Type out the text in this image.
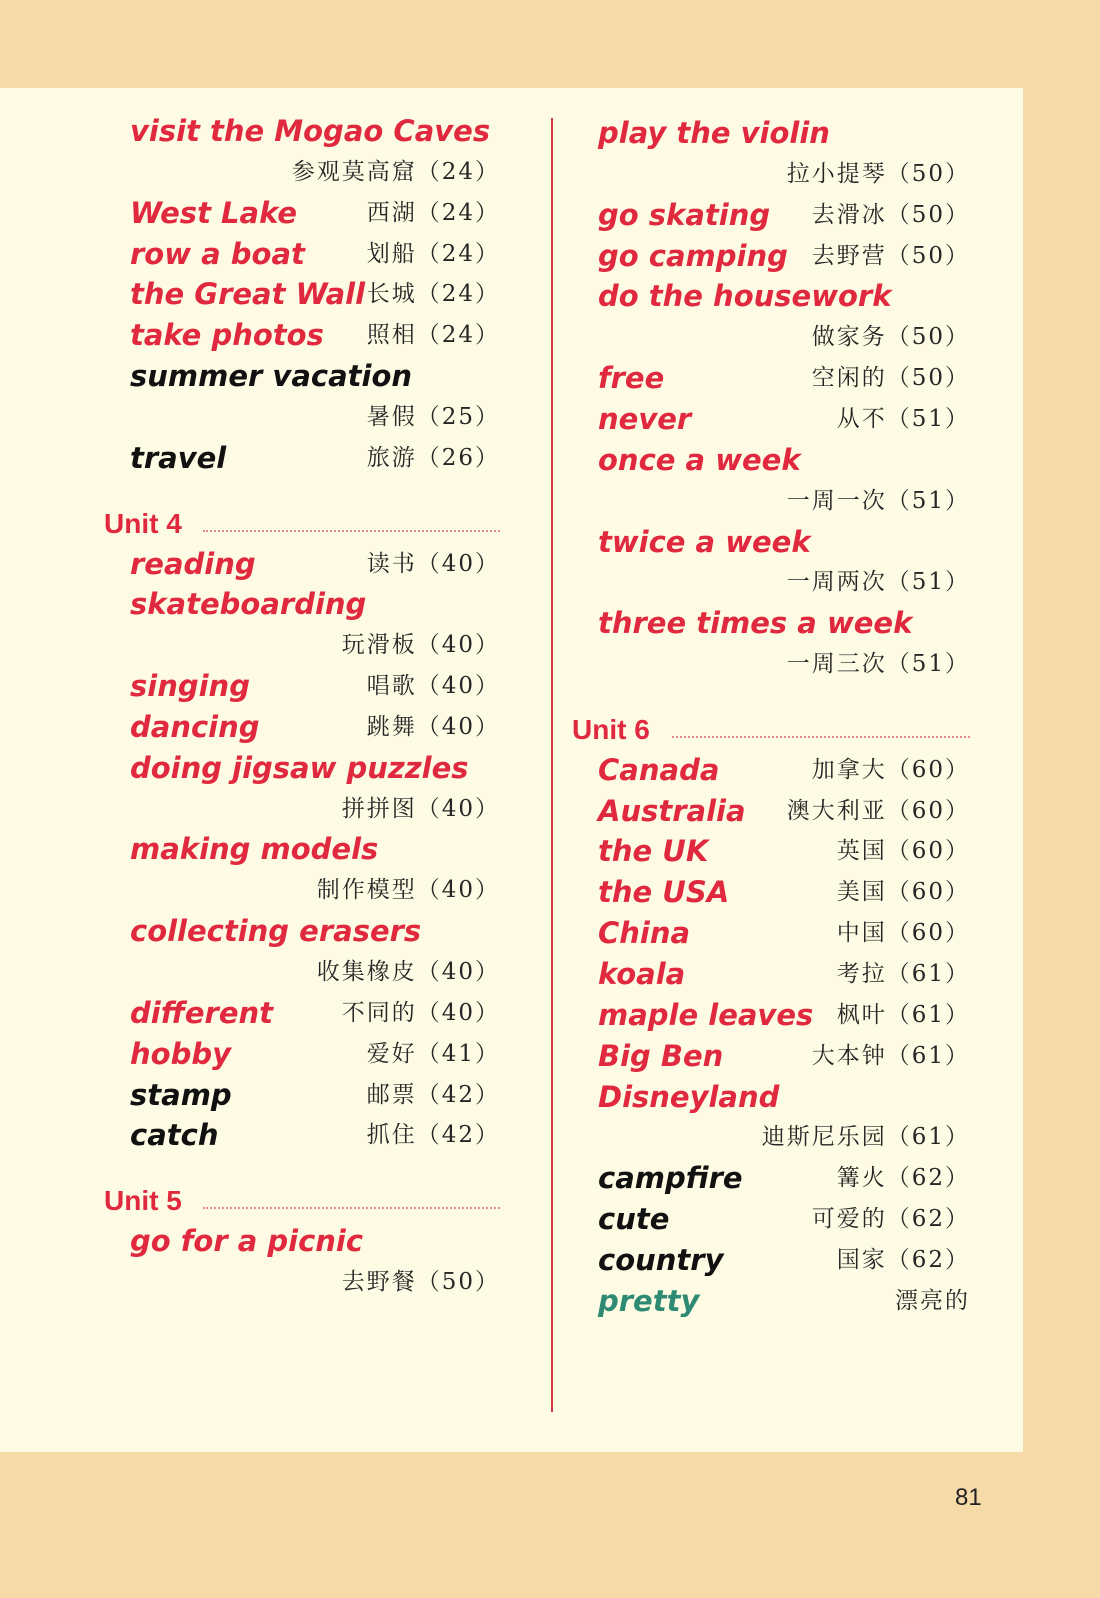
visit the Mogao Caves
参观莫高窟（24）
West Lake	西湖（24）
row a boat	划船（24）
the Great Wall 长城（24）
take photos 照相（24）
summer vacation
暑假（25）
travel	旅游（26）
Unit 4
reading	读书（40）
skateboarding
玩滑板（40）
singing	唱歌（40）
dancing	跳舞（40）
doing jigsaw puzzles
拼拼图（40）
making models
制作模型（40）
collecting erasers
收集橡皮（40）
different	不同的（40）
hobby	爱好（41）
stamp	邮票（42）
catch	抓住（42）
Unit 5
go for a picnic
去野餐（50）
play the violin
拉小提琴（50）
go skating 去滑冰（50）
go camping 去野营（50）
do the housework
做家务（50）
free	空闲的（50）
never	从不（51）
once a week
一周一次（51）
twice a week
一周两次（51）
three times a week
一周三次（51）
Unit 6
Canada	加拿大（60）
Australia 澳大利亚（60）
the UK	英国（60）
the USA	美国（60）
China	中国（60）
koala	考拉（61）
maple leaves 枫叶（61）
Big Ben	大本钟（61）
Disneyland
迪斯尼乐园（61）
campfire	篝火（62）
cute	可爱的（62）
country	国家（62）
pretty	漂亮的
81
